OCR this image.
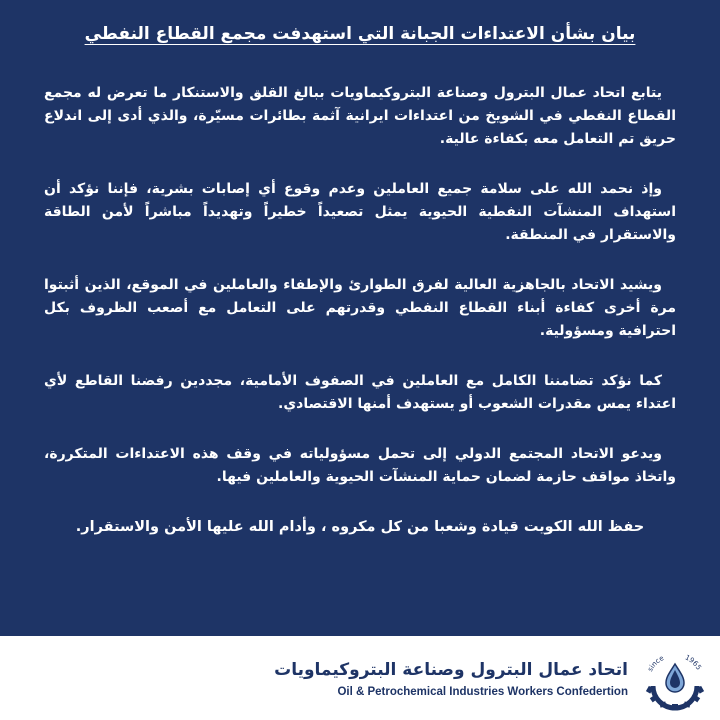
بيان بشأن الاعتداءات الجبانة التي استهدفت مجمع القطاع النفطي

يتابع اتحاد عمال البترول وصناعة البتروكيماويات ببالغ القلق والاستنكار ما تعرض له مجمع القطاع النفطي في الشويخ من اعتداءات ايرانية آثمة بطائرات مسيّرة، والذي أدى إلى اندلاع حريق تم التعامل معه بكفاءة عالية.

وإذ نحمد الله على سلامة جميع العاملين وعدم وقوع أي إصابات بشرية، فإننا نؤكد أن استهداف المنشآت النفطية الحيوية يمثل تصعيداً خطيراً وتهديداً مباشراً لأمن الطاقة والاستقرار في المنطقة.

ويشيد الاتحاد بالجاهزية العالية لفرق الطوارئ والإطفاء والعاملين في الموقع، الذين أثبتوا مرة أخرى كفاءة أبناء القطاع النفطي وقدرتهم على التعامل مع أصعب الظروف بكل احترافية ومسؤولية.

كما نؤكد تضامننا الكامل مع العاملين في الصفوف الأمامية، مجددين رفضنا القاطع لأي اعتداء يمس مقدرات الشعوب أو يستهدف أمنها الاقتصادي.

ويدعو الاتحاد المجتمع الدولي إلى تحمل مسؤولياته في وقف هذه الاعتداءات المتكررة، واتخاذ مواقف حازمة لضمان حماية المنشآت الحيوية والعاملين فيها.

حفظ الله الكويت قيادة وشعبا من كل مكروه ، وأدام الله عليها الأمن والاستقرار.

since	1965
اتحاد عمال البترول وصناعة البتروكيماويات
Oil & Petrochemical Industries Workers Confedertion
